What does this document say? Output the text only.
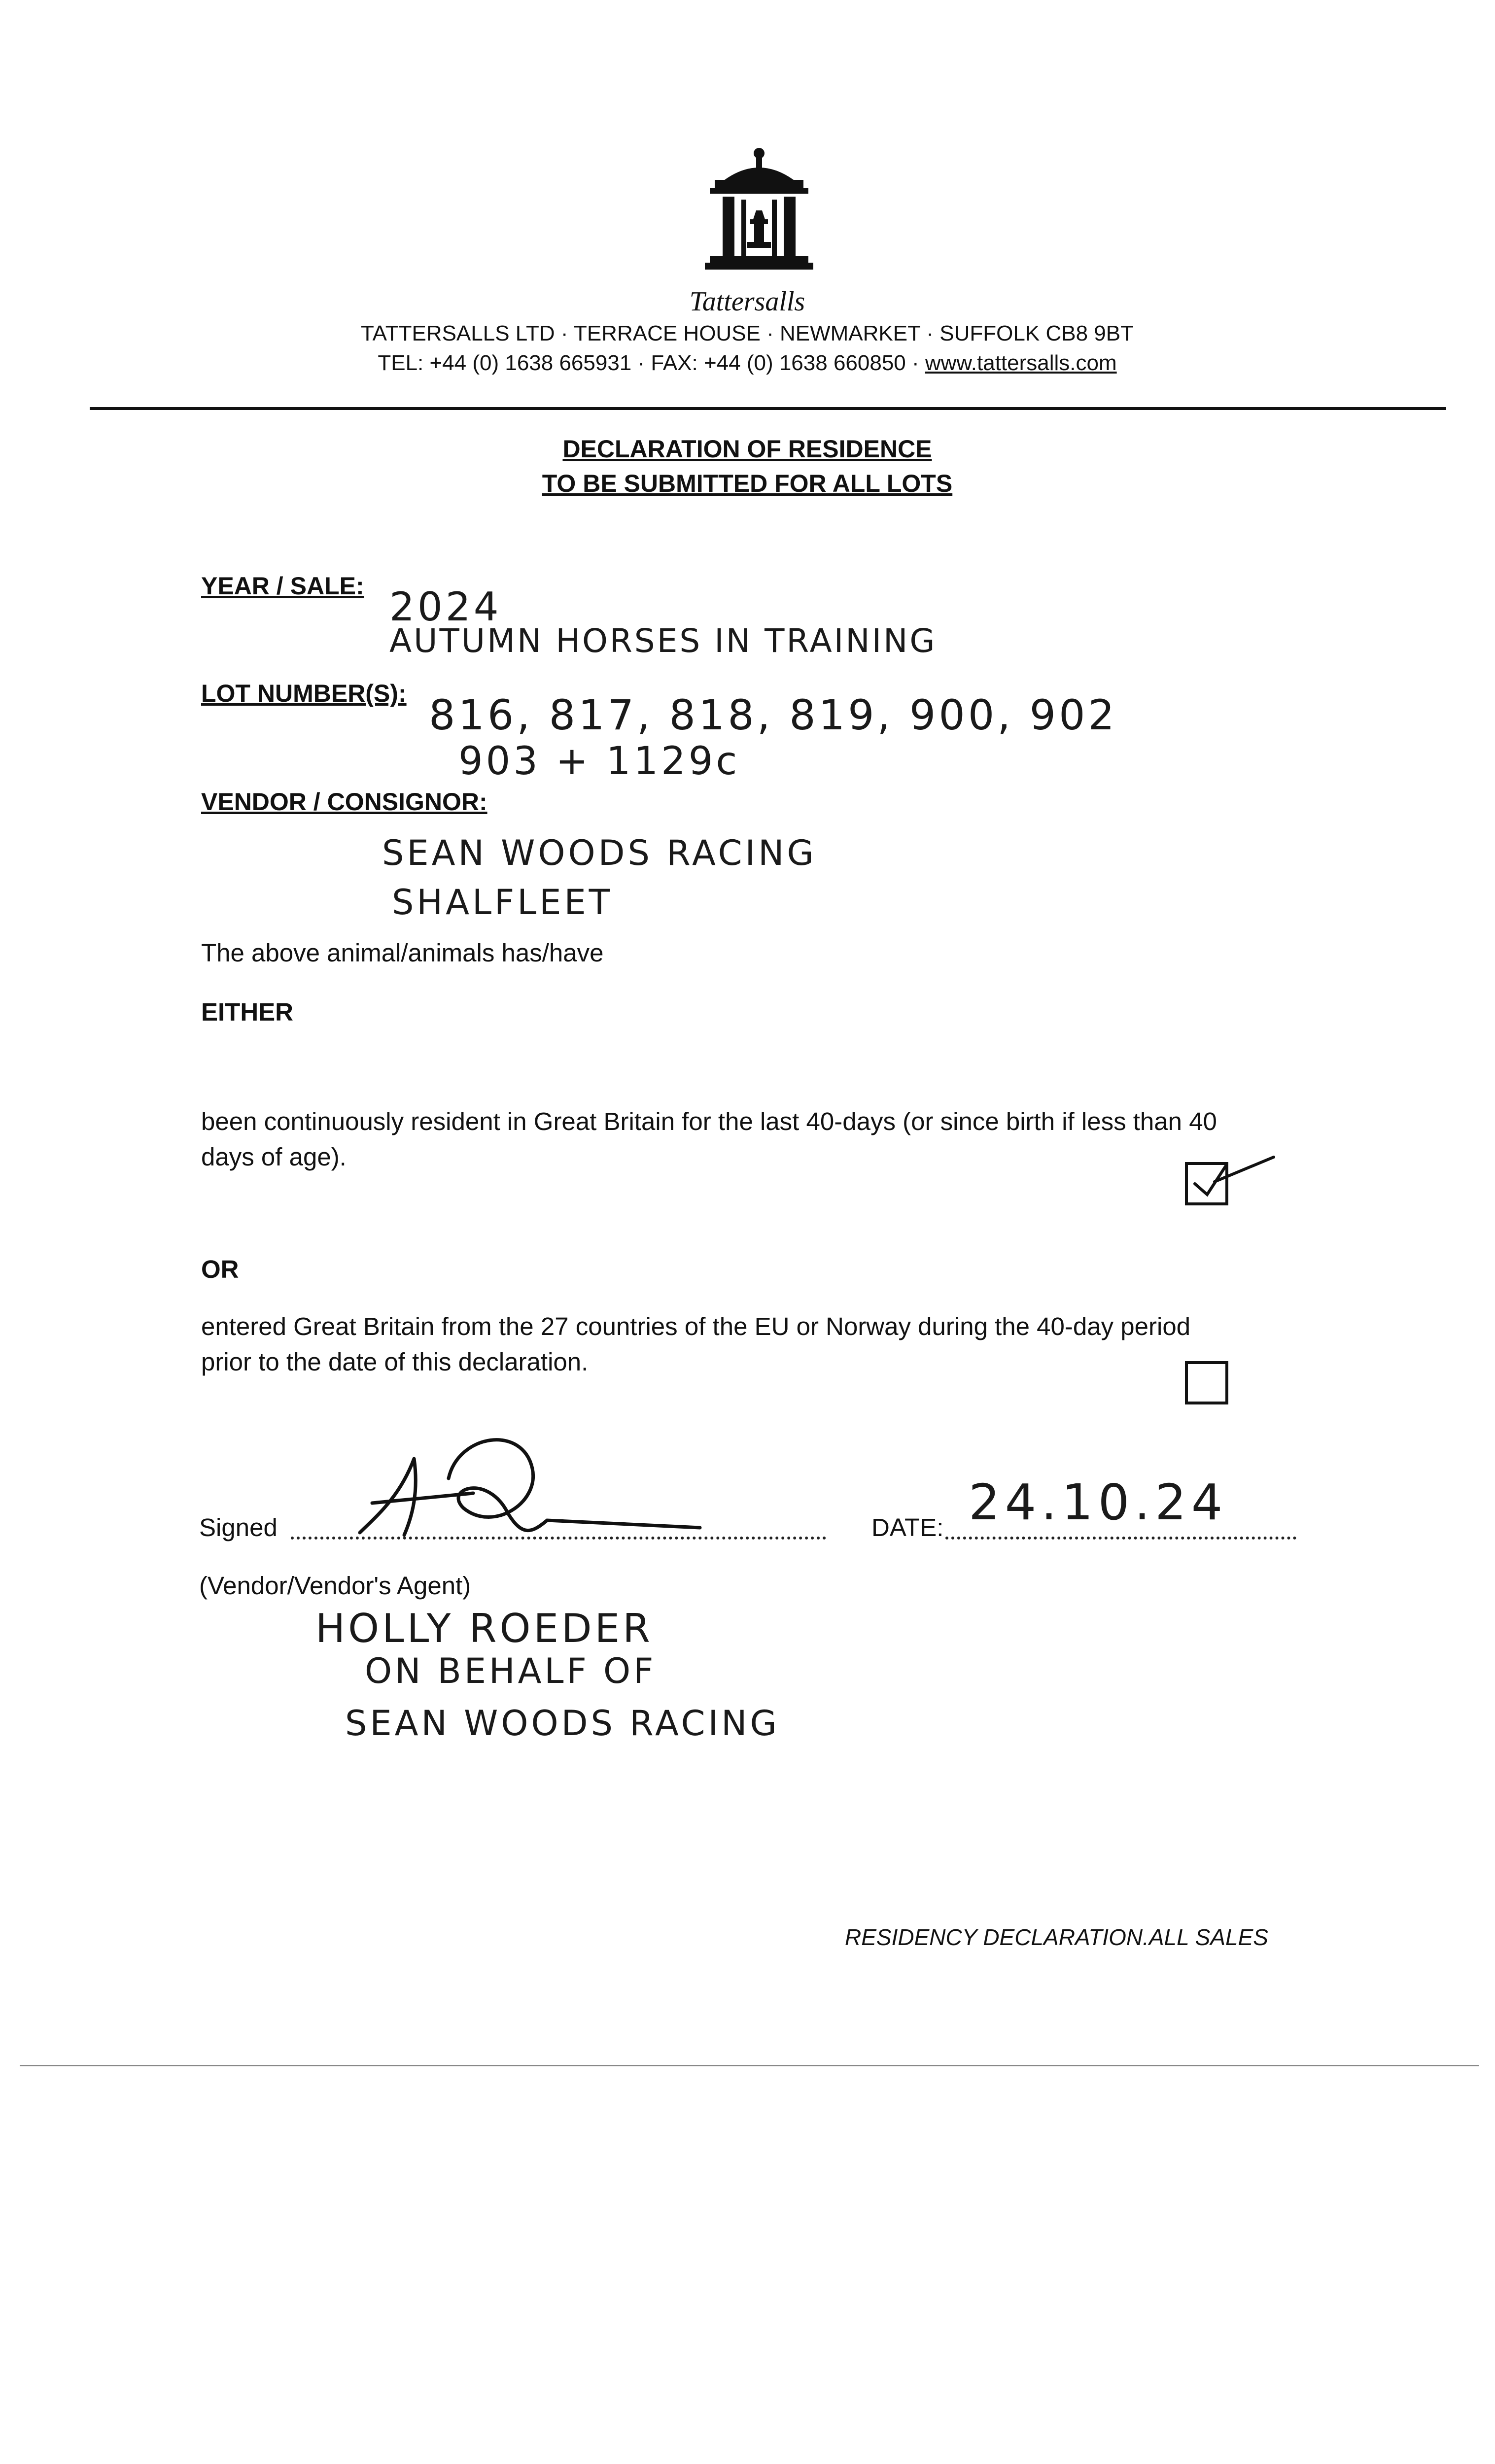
Tattersalls
TATTERSALLS LTD · TERRACE HOUSE · NEWMARKET · SUFFOLK CB8 9BT
TEL: +44 (0) 1638 665931 · FAX: +44 (0) 1638 660850 · www.tattersalls.com
DECLARATION OF RESIDENCE
TO BE SUBMITTED FOR ALL LOTS
YEAR / SALE: 2024
AUTUMN HORSES IN TRAINING
LOT NUMBER(S): 816, 817, 818, 819, 900, 902
903 + 1129c
VENDOR / CONSIGNOR:
SEAN WOODS RACING
SHALFLEET
The above animal/animals has/have
EITHER
been continuously resident in Great Britain for the last 40-days (or since birth if less than 40
days of age).
OR
entered Great Britain from the 27 countries of the EU or Norway during the 40-day period
prior to the date of this declaration.
Signed	DATE: 24.10.24
(Vendor/Vendor's Agent)
HOLLY ROEDER
ON BEHALF OF
SEAN WOODS RACING
RESIDENCY DECLARATION.ALL SALES
